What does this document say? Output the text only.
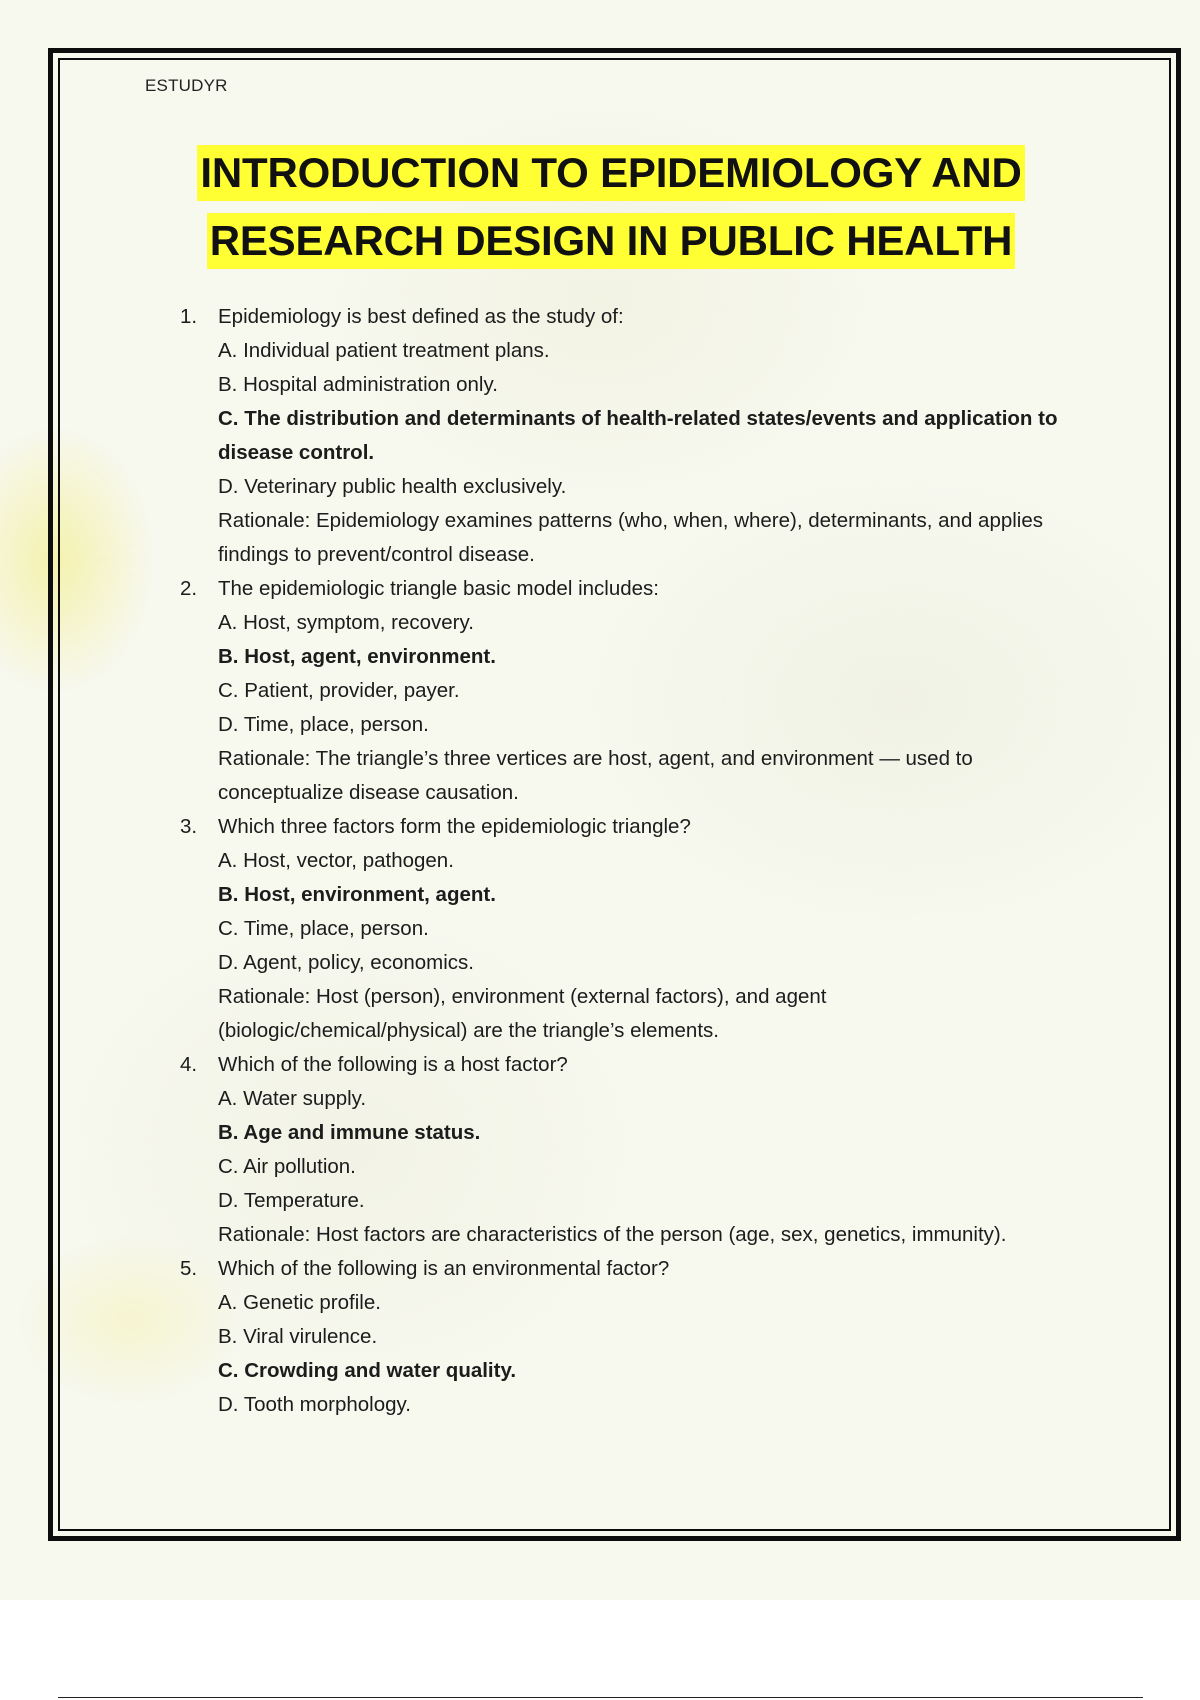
ESTUDYR
INTRODUCTION TO EPIDEMIOLOGY AND
RESEARCH DESIGN IN PUBLIC HEALTH
1. Epidemiology is best defined as the study of:
A. Individual patient treatment plans.
B. Hospital administration only.
C. The distribution and determinants of health-related states/events and application to disease control.
D. Veterinary public health exclusively.
Rationale: Epidemiology examines patterns (who, when, where), determinants, and applies findings to prevent/control disease.
2. The epidemiologic triangle basic model includes:
A. Host, symptom, recovery.
B. Host, agent, environment.
C. Patient, provider, payer.
D. Time, place, person.
Rationale: The triangle’s three vertices are host, agent, and environment — used to conceptualize disease causation.
3. Which three factors form the epidemiologic triangle?
A. Host, vector, pathogen.
B. Host, environment, agent.
C. Time, place, person.
D. Agent, policy, economics.
Rationale: Host (person), environment (external factors), and agent (biologic/chemical/physical) are the triangle’s elements.
4. Which of the following is a host factor?
A. Water supply.
B. Age and immune status.
C. Air pollution.
D. Temperature.
Rationale: Host factors are characteristics of the person (age, sex, genetics, immunity).
5. Which of the following is an environmental factor?
A. Genetic profile.
B. Viral virulence.
C. Crowding and water quality.
D. Tooth morphology.
